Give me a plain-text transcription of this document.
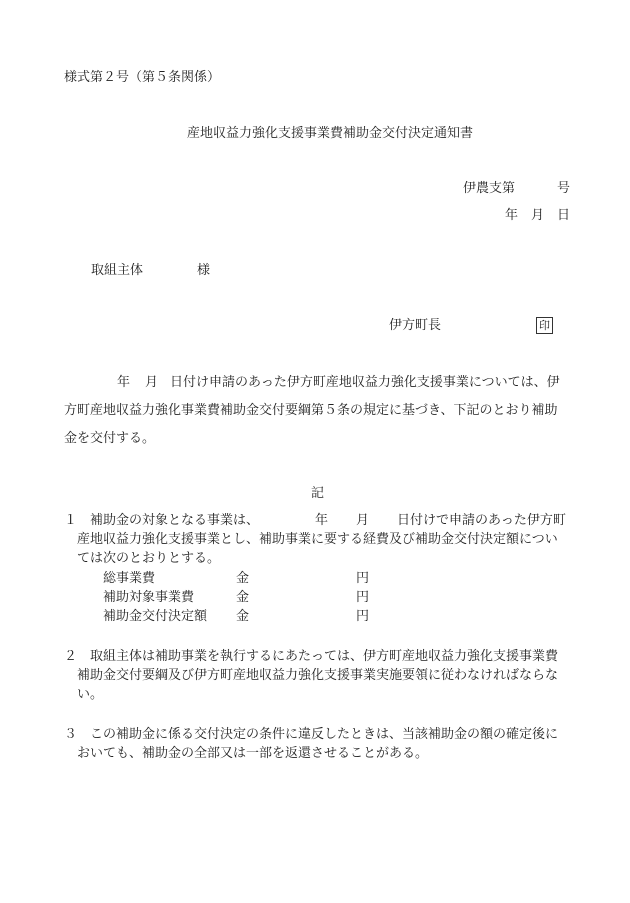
様式第２号（第５条関係）
産地収益力強化支援事業費補助金交付決定通知書
伊農支第	号
年 月 日
取組主体	様
伊方町長	印
年 月 日付け申請のあった伊方町産地収益力強化支援事業については、伊
方町産地収益力強化事業費補助金交付要綱第５条の規定に基づき、下記のとおり補助
金を交付する。
記
１ 補助金の対象となる事業は、	年 月 日付けで申請のあった伊方町
産地収益力強化支援事業とし、補助事業に要する経費及び補助金交付決定額につい
ては次のとおりとする。
総事業費	金	円
補助対象事業費	金	円
補助金交付決定額 金	円
２ 取組主体は補助事業を執行するにあたっては、伊方町産地収益力強化支援事業費
補助金交付要綱及び伊方町産地収益力強化支援事業実施要領に従わなければならな
い。
３ この補助金に係る交付決定の条件に違反したときは、当該補助金の額の確定後に
おいても、補助金の全部又は一部を返還させることがある。
